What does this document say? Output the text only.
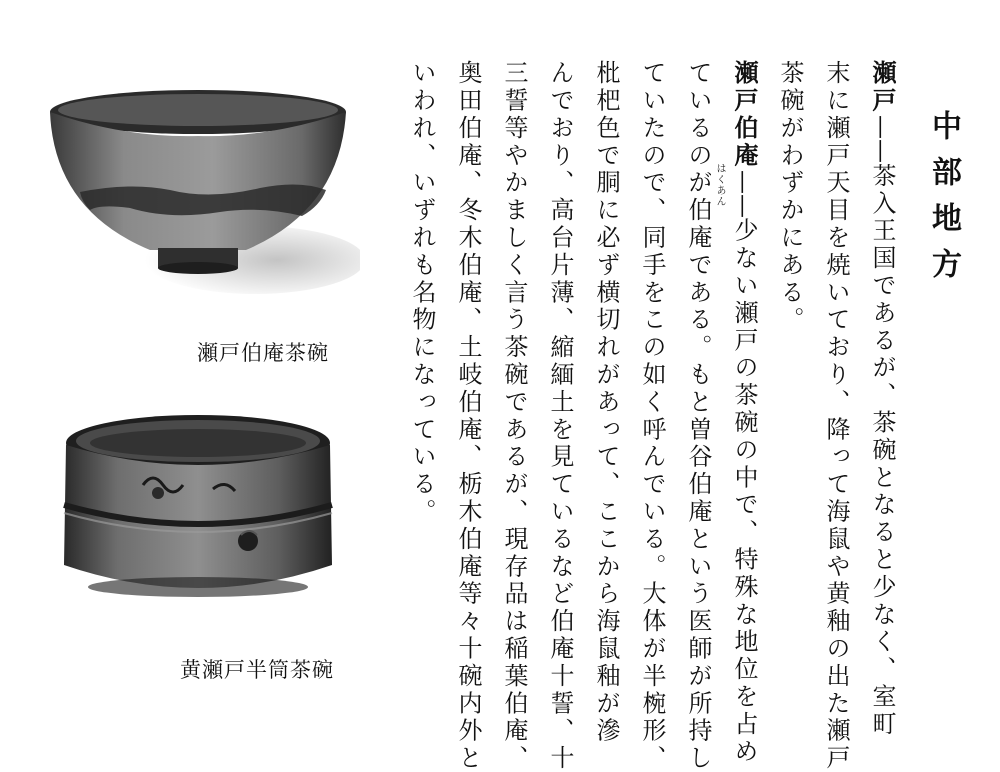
瀬戸伯庵茶碗
黄瀬戸半筒茶碗
中部地方
瀬戸——茶入王国であるが、茶碗となると少なく、室町
末に瀬戸天目を焼いており、降って海鼠や黄釉の出た瀬戸
茶碗がわずかにある。
瀬戸伯庵——少ない瀬戸の茶碗の中で、特殊な地位を占め
ているのが伯庵である。もと曽谷伯庵という医師が所持し はくあん
ていたので、同手をこの如く呼んでいる。大体が半椀形、
枇杷色で胴に必ず横切れがあって、ここから海鼠釉が滲
んでおり、高台片薄、縮緬土を見ているなど伯庵十誓、十
三誓等やかましく言う茶碗であるが、現存品は稲葉伯庵、
奥田伯庵、冬木伯庵、土岐伯庵、栃木伯庵等々十碗内外と
いわれ、いずれも名物になっている。
